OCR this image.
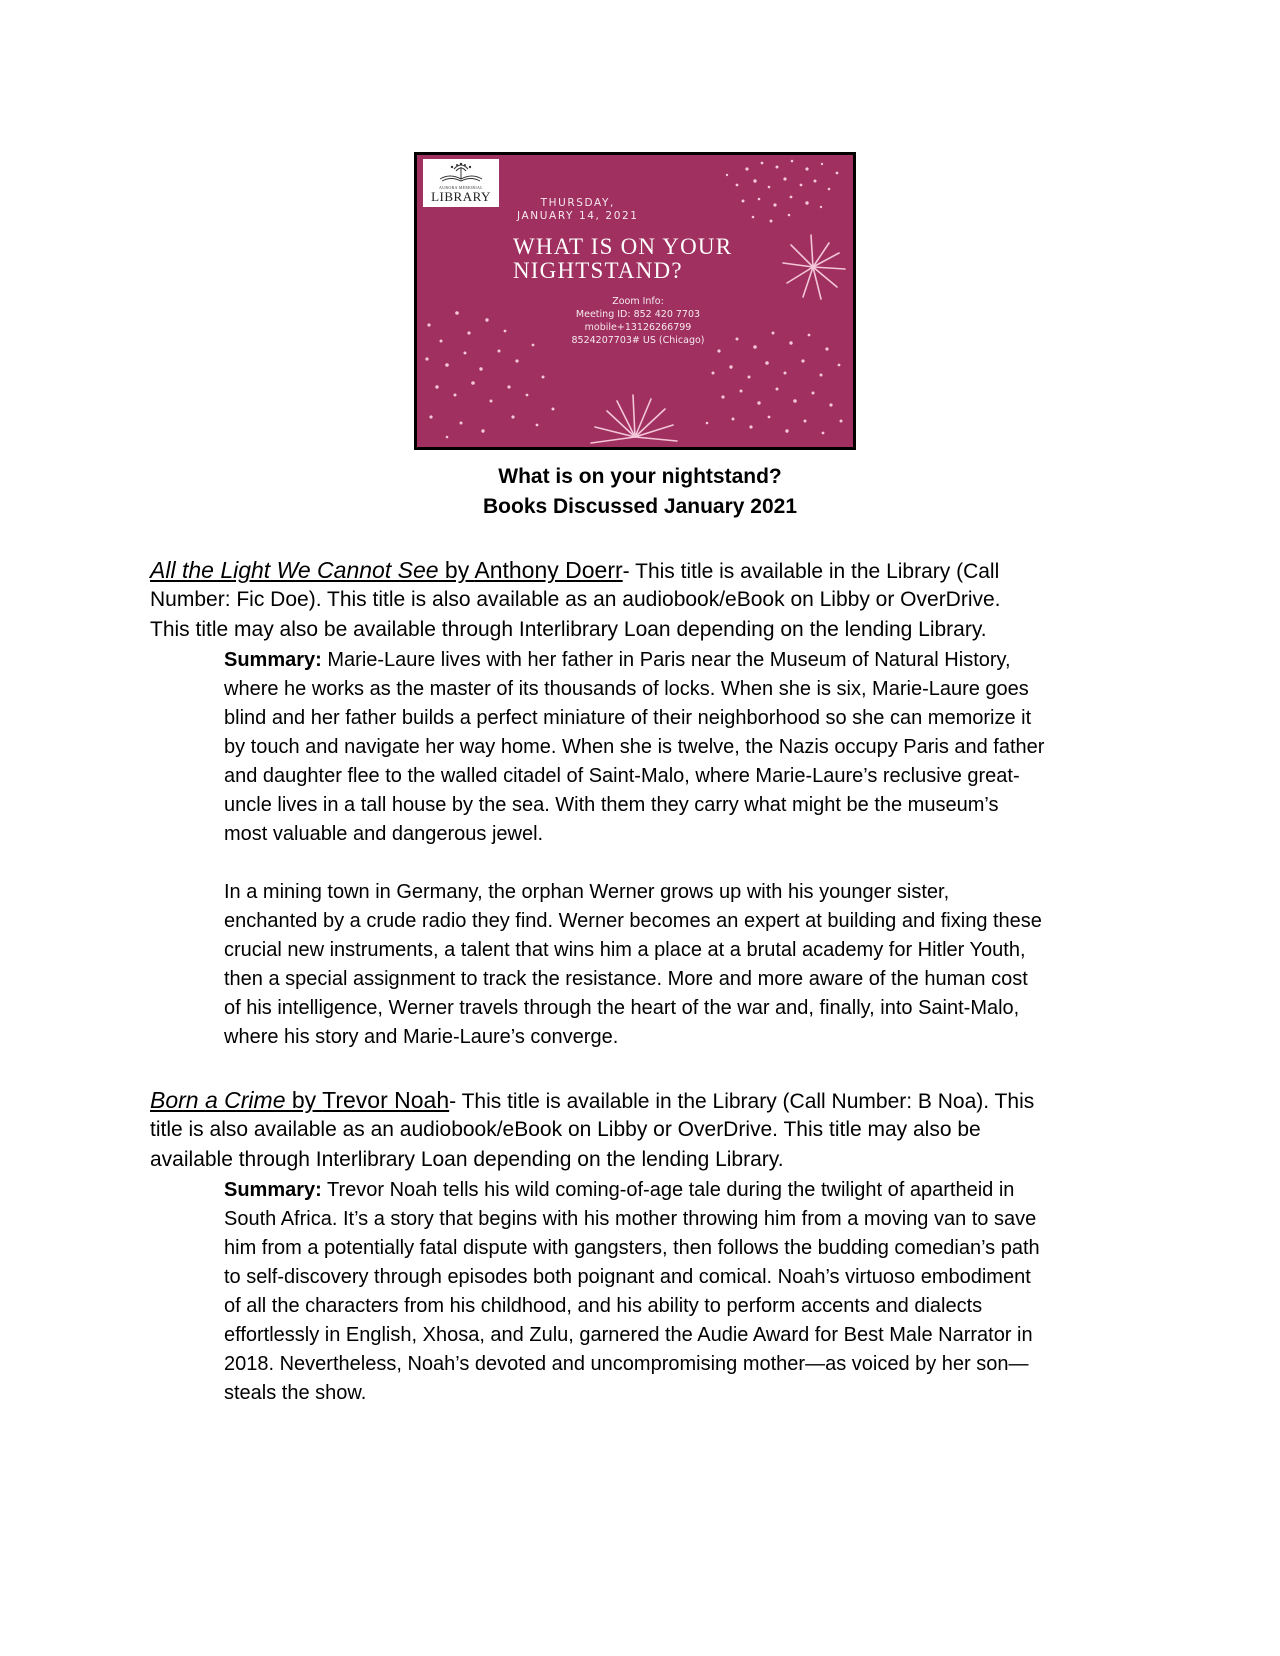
AURORA MEMORIAL
LIBRARY	THURSDAY,
JANUARY 14, 2021
WHAT IS ON YOUR
NIGHTSTAND?
Zoom Info:
Meeting ID: 852 420 7703
mobile+13126266799
8524207703# US (Chicago)
What is on your nightstand?
Books Discussed January 2021
All the Light We Cannot See by Anthony Doerr- This title is available in the Library (Call
Number: Fic Doe). This title is also available as an audiobook/eBook on Libby or OverDrive.
This title may also be available through Interlibrary Loan depending on the lending Library.
Summary: Marie-Laure lives with her father in Paris near the Museum of Natural History,
where he works as the master of its thousands of locks. When she is six, Marie-Laure goes
blind and her father builds a perfect miniature of their neighborhood so she can memorize it
by touch and navigate her way home. When she is twelve, the Nazis occupy Paris and father
and daughter flee to the walled citadel of Saint-Malo, where Marie-Laure’s reclusive great-
uncle lives in a tall house by the sea. With them they carry what might be the museum’s
most valuable and dangerous jewel.
In a mining town in Germany, the orphan Werner grows up with his younger sister,
enchanted by a crude radio they find. Werner becomes an expert at building and fixing these
crucial new instruments, a talent that wins him a place at a brutal academy for Hitler Youth,
then a special assignment to track the resistance. More and more aware of the human cost
of his intelligence, Werner travels through the heart of the war and, finally, into Saint-Malo,
where his story and Marie-Laure’s converge.
Born a Crime by Trevor Noah- This title is available in the Library (Call Number: B Noa). This
title is also available as an audiobook/eBook on Libby or OverDrive. This title may also be
available through Interlibrary Loan depending on the lending Library.
Summary: Trevor Noah tells his wild coming-of-age tale during the twilight of apartheid in
South Africa. It’s a story that begins with his mother throwing him from a moving van to save
him from a potentially fatal dispute with gangsters, then follows the budding comedian’s path
to self-discovery through episodes both poignant and comical. Noah’s virtuoso embodiment
of all the characters from his childhood, and his ability to perform accents and dialects
effortlessly in English, Xhosa, and Zulu, garnered the Audie Award for Best Male Narrator in
2018. Nevertheless, Noah’s devoted and uncompromising mother—as voiced by her son—
steals the show.
